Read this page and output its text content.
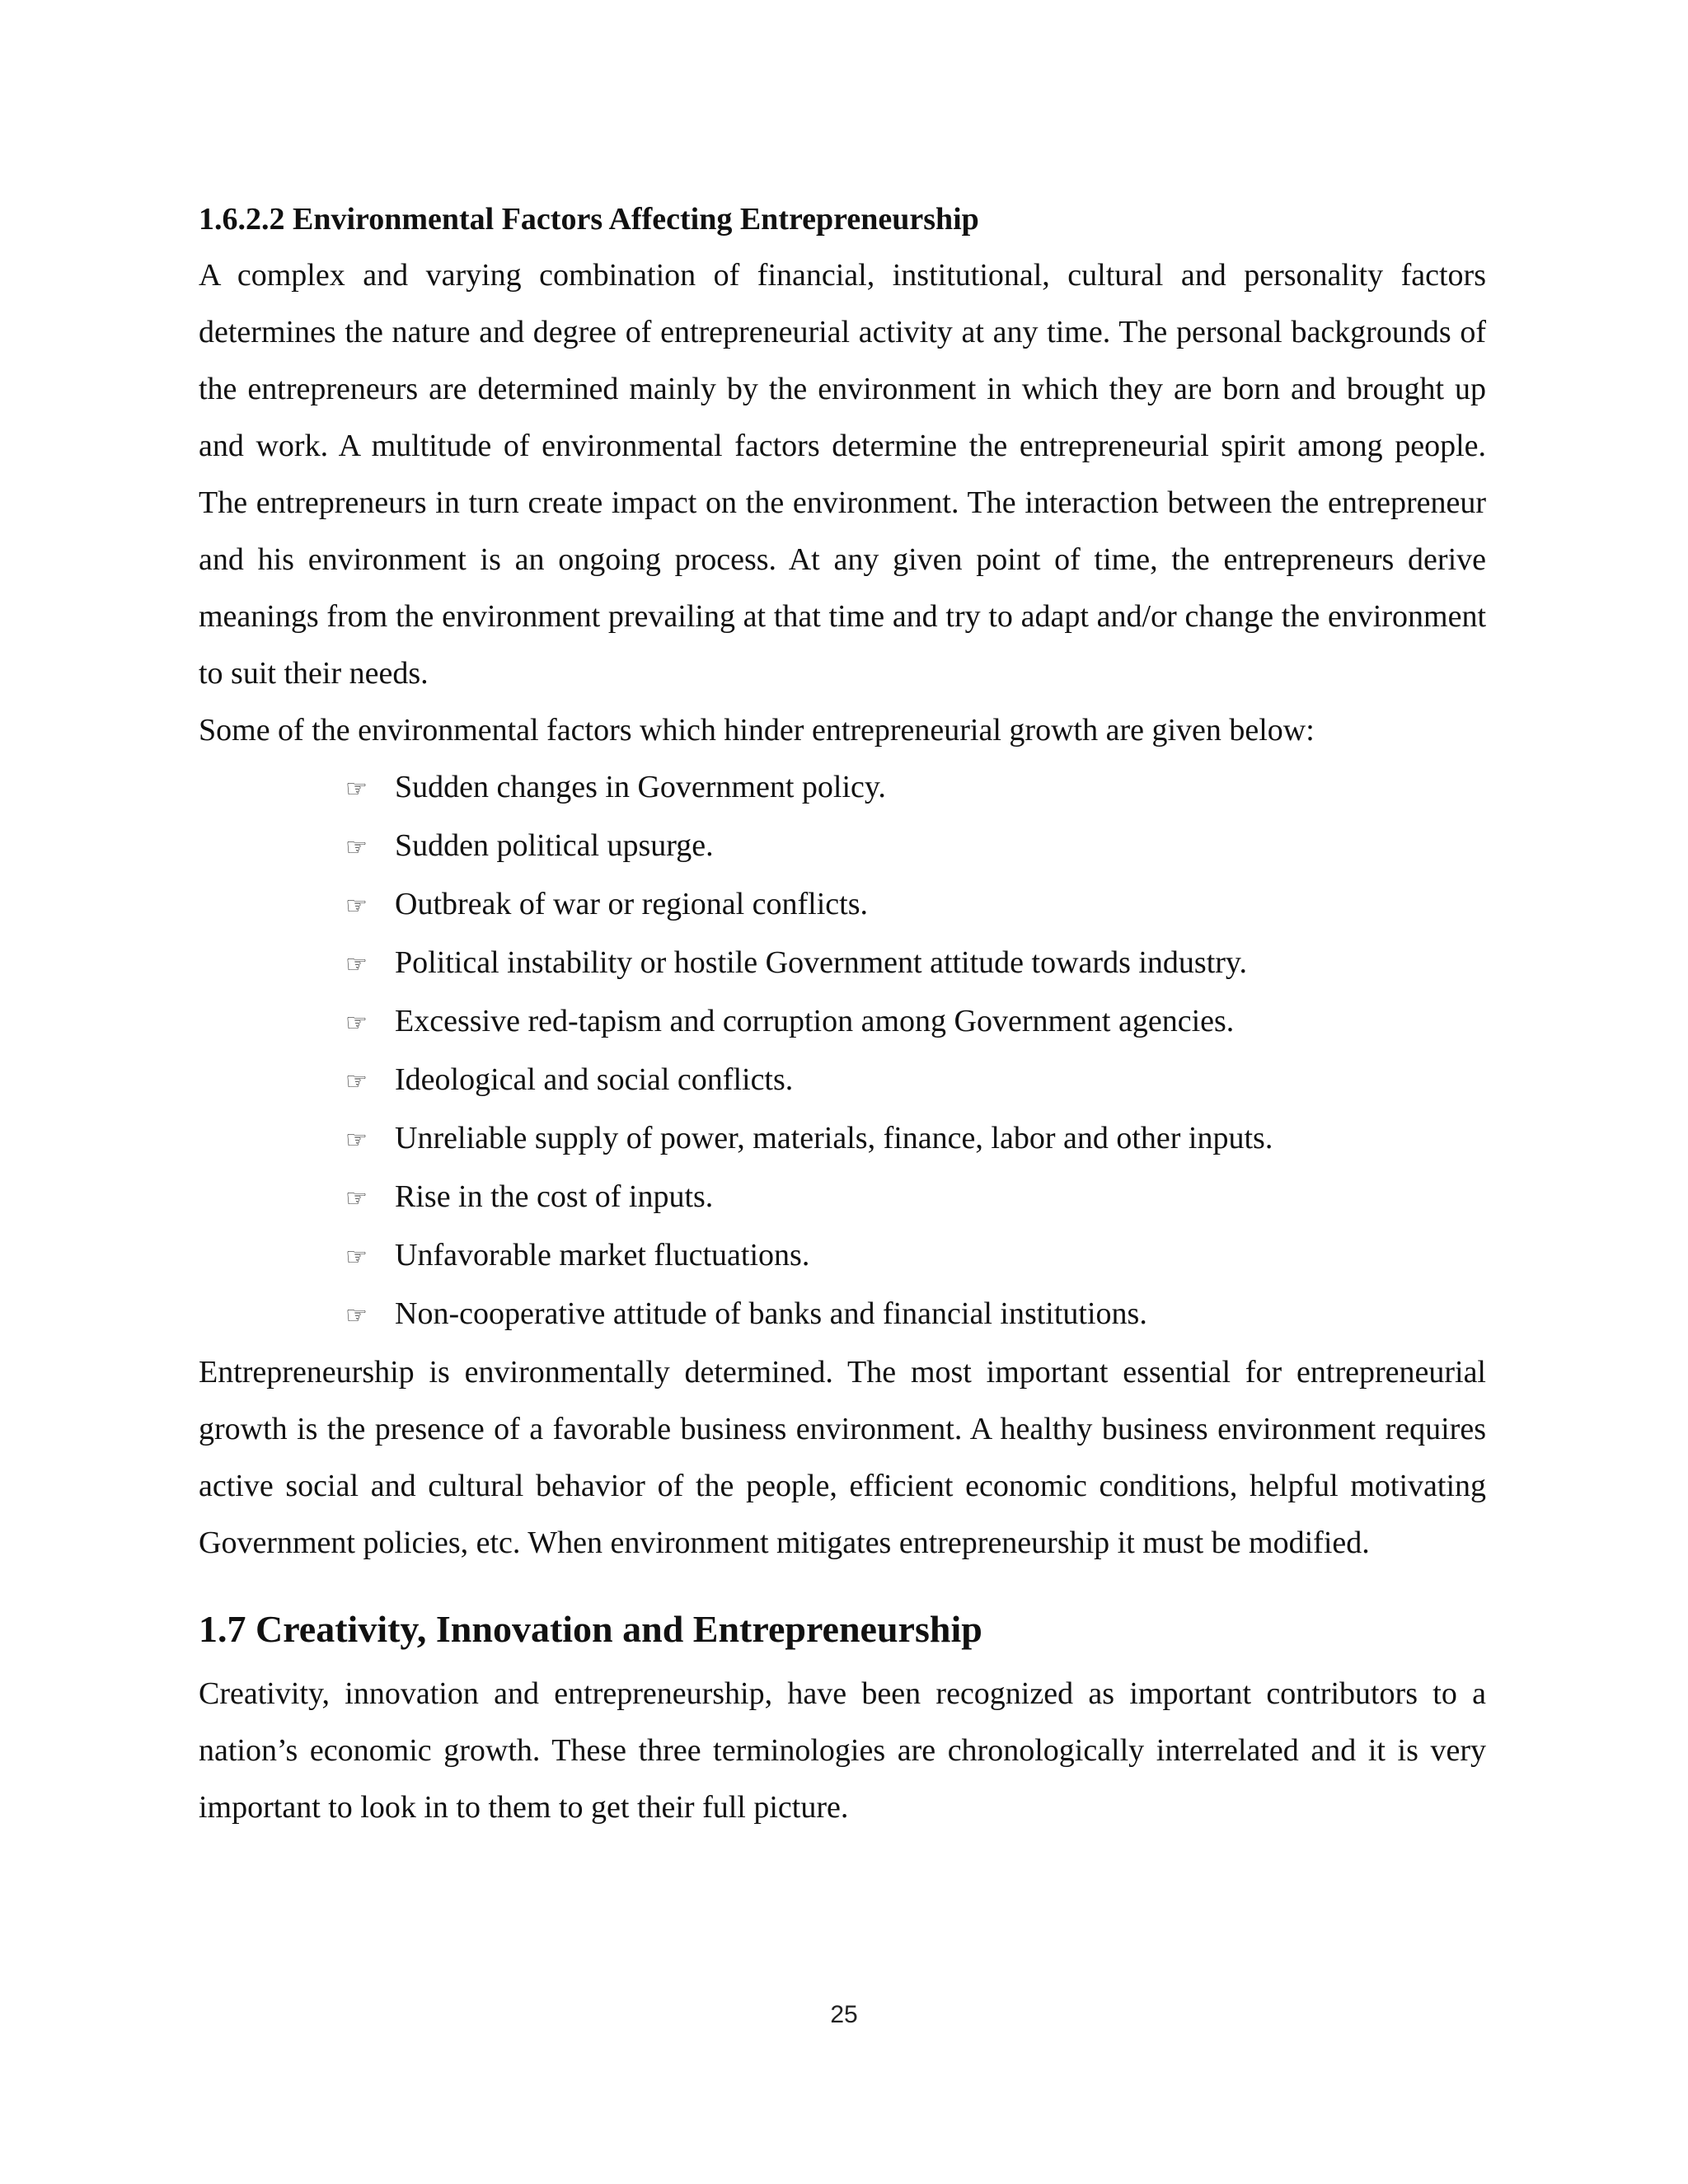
1.6.2.2 Environmental Factors Affecting Entrepreneurship

A complex and varying combination of financial, institutional, cultural and personality factors determines the nature and degree of entrepreneurial activity at any time. The personal backgrounds of the entrepreneurs are determined mainly by the environment in which they are born and brought up and work. A multitude of environmental factors determine the entrepreneurial spirit among people. The entrepreneurs in turn create impact on the environment. The interaction between the entrepreneur and his environment is an ongoing process. At any given point of time, the entrepreneurs derive meanings from the environment prevailing at that time and try to adapt and/or change the environment to suit their needs.

Some of the environmental factors which hinder entrepreneurial growth are given below:

☞ Sudden changes in Government policy.
☞ Sudden political upsurge.
☞ Outbreak of war or regional conflicts.
☞ Political instability or hostile Government attitude towards industry.
☞ Excessive red-tapism and corruption among Government agencies.
☞ Ideological and social conflicts.
☞ Unreliable supply of power, materials, finance, labor and other inputs.
☞ Rise in the cost of inputs.
☞ Unfavorable market fluctuations.
☞ Non-cooperative attitude of banks and financial institutions.

Entrepreneurship is environmentally determined. The most important essential for entrepreneurial growth is the presence of a favorable business environment. A healthy business environment requires active social and cultural behavior of the people, efficient economic conditions, helpful motivating Government policies, etc. When environment mitigates entrepreneurship it must be modified.

1.7 Creativity, Innovation and Entrepreneurship

Creativity, innovation and entrepreneurship, have been recognized as important contributors to a nation’s economic growth. These three terminologies are chronologically interrelated and it is very important to look in to them to get their full picture.

25
